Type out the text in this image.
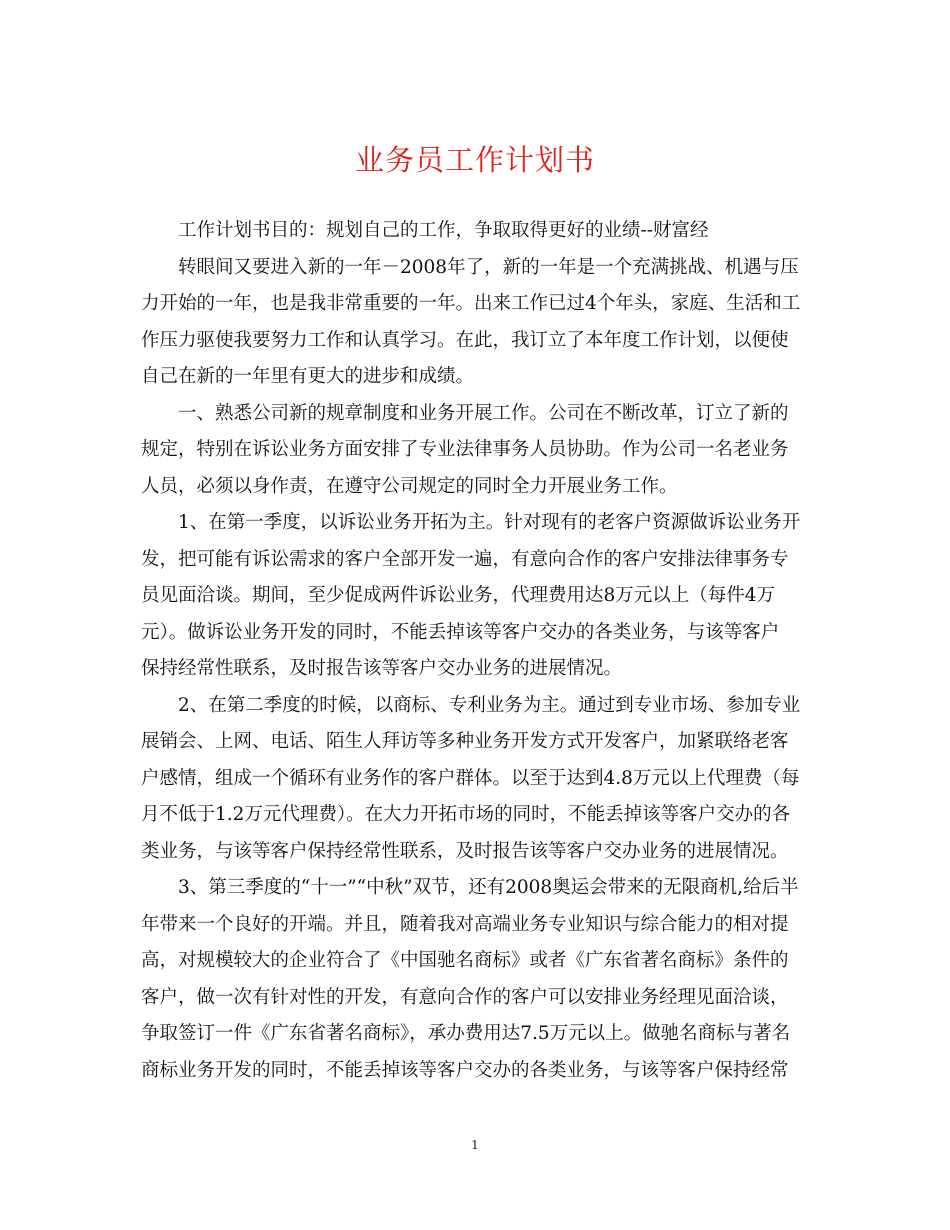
业务员工作计划书

工作计划书目的：规划自己的工作，争取取得更好的业绩--财富经

转眼间又要进入新的一年－2008年了，新的一年是一个充满挑战、机遇与压
力开始的一年，也是我非常重要的一年。出来工作已过4个年头，家庭、生活和工
作压力驱使我要努力工作和认真学习。在此，我订立了本年度工作计划，以便使
自己在新的一年里有更大的进步和成绩。

一、熟悉公司新的规章制度和业务开展工作。公司在不断改革，订立了新的
规定，特别在诉讼业务方面安排了专业法律事务人员协助。作为公司一名老业务
人员，必须以身作责，在遵守公司规定的同时全力开展业务工作。

1、在第一季度，以诉讼业务开拓为主。针对现有的老客户资源做诉讼业务开
发，把可能有诉讼需求的客户全部开发一遍，有意向合作的客户安排法律事务专
员见面洽谈。期间，至少促成两件诉讼业务，代理费用达8万元以上（每件4万
元）。做诉讼业务开发的同时，不能丢掉该等客户交办的各类业务，与该等客户
保持经常性联系，及时报告该等客户交办业务的进展情况。

2、在第二季度的时候，以商标、专利业务为主。通过到专业市场、参加专业
展销会、上网、电话、陌生人拜访等多种业务开发方式开发客户，加紧联络老客
户感情，组成一个循环有业务作的客户群体。以至于达到4.8万元以上代理费（每
月不低于1.2万元代理费）。在大力开拓市场的同时，不能丢掉该等客户交办的各
类业务，与该等客户保持经常性联系，及时报告该等客户交办业务的进展情况。

3、第三季度的“十一”“中秋”双节，还有2008奥运会带来的无限商机,给后半
年带来一个良好的开端。并且，随着我对高端业务专业知识与综合能力的相对提
高，对规模较大的企业符合了《中国驰名商标》或者《广东省著名商标》条件的
客户，做一次有针对性的开发，有意向合作的客户可以安排业务经理见面洽谈，
争取签订一件《广东省著名商标》，承办费用达7.5万元以上。做驰名商标与著名
商标业务开发的同时，不能丢掉该等客户交办的各类业务，与该等客户保持经常

1
